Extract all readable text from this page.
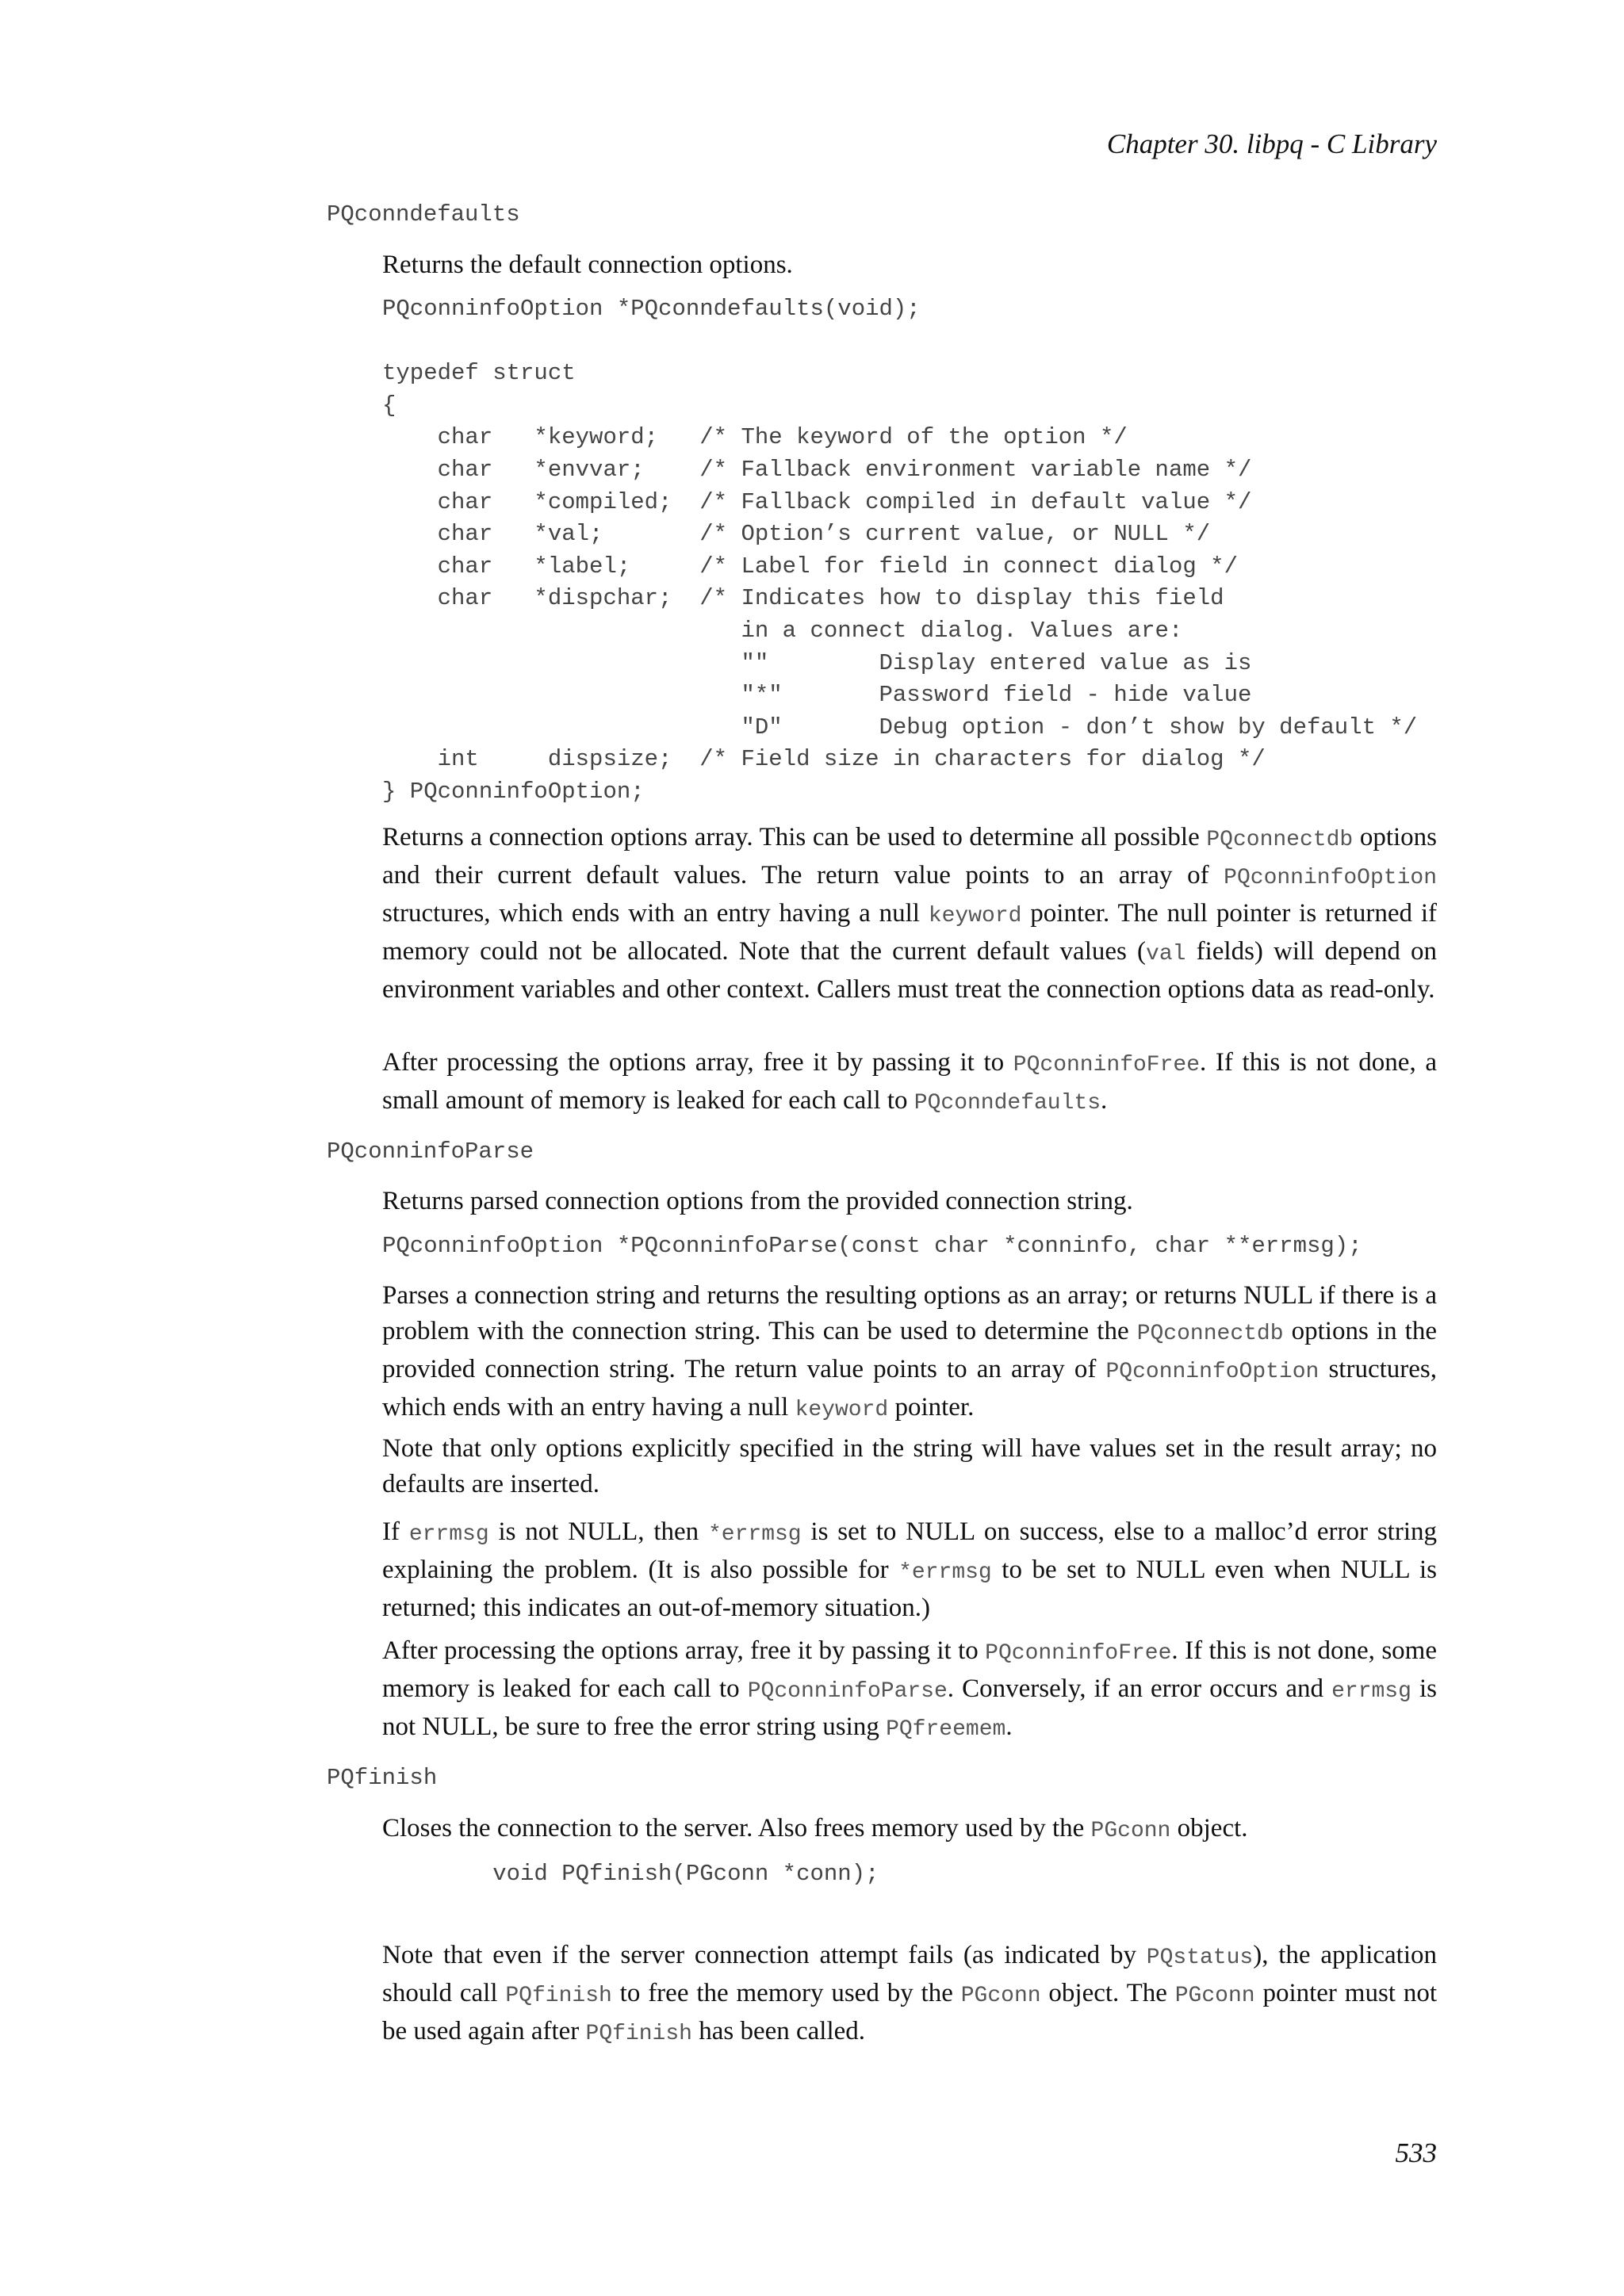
Chapter 30. libpq - C Library
PQconndefaults

Returns the default connection options.

PQconninfoOption *PQconndefaults(void);

typedef struct
{
char   *keyword;   /* The keyword of the option */
char   *envvar;    /* Fallback environment variable name */
char   *compiled;  /* Fallback compiled in default value */
char   *val;       /* Option’s current value, or NULL */
char   *label;     /* Label for field in connect dialog */
char   *dispchar;  /* Indicates how to display this field
in a connect dialog. Values are:
""        Display entered value as is
"*"       Password field - hide value
"D"       Debug option - don’t show by default */
int     dispsize;  /* Field size in characters for dialog */
} PQconninfoOption;

Returns a connection options array. This can be used to determine all possible PQconnectdb options and their current default values. The return value points to an array of PQconninfoOption structures, which ends with an entry having a null keyword pointer. The null pointer is returned if memory could not be allocated. Note that the current default values (val fields) will depend on environment variables and other context. Callers must treat the connection options data as read-only.

After processing the options array, free it by passing it to PQconninfoFree. If this is not done, a small amount of memory is leaked for each call to PQconndefaults.

PQconninfoParse

Returns parsed connection options from the provided connection string.

PQconninfoOption *PQconninfoParse(const char *conninfo, char **errmsg);

Parses a connection string and returns the resulting options as an array; or returns NULL if there is a problem with the connection string. This can be used to determine the PQconnectdb options in the provided connection string. The return value points to an array of PQconninfoOption structures, which ends with an entry having a null keyword pointer.

Note that only options explicitly specified in the string will have values set in the result array; no defaults are inserted.

If errmsg is not NULL, then *errmsg is set to NULL on success, else to a malloc’d error string explaining the problem. (It is also possible for *errmsg to be set to NULL even when NULL is returned; this indicates an out-of-memory situation.)

After processing the options array, free it by passing it to PQconninfoFree. If this is not done, some memory is leaked for each call to PQconninfoParse. Conversely, if an error occurs and errmsg is not NULL, be sure to free the error string using PQfreemem.

PQfinish

Closes the connection to the server. Also frees memory used by the PGconn object.

void PQfinish(PGconn *conn);

Note that even if the server connection attempt fails (as indicated by PQstatus), the application should call PQfinish to free the memory used by the PGconn object. The PGconn pointer must not be used again after PQfinish has been called.

533
